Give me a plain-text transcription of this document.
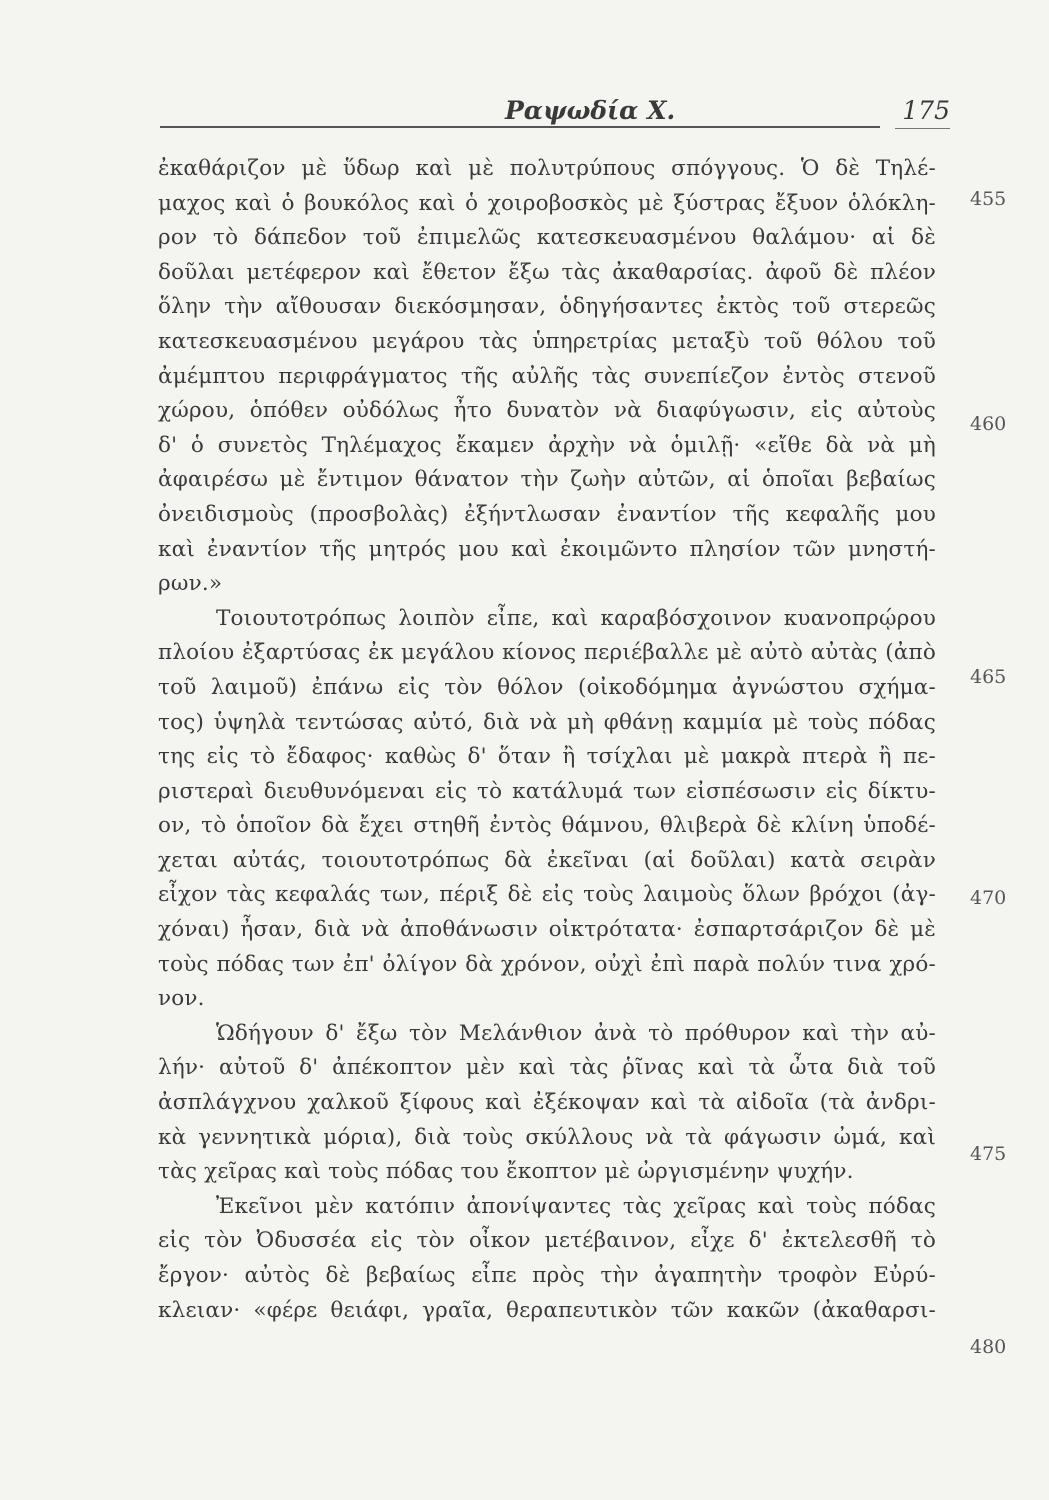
Ραψωδία Χ.	175
ἐκαθάριζον μὲ ὕδωρ καὶ μὲ πολυτρύπους σπόγγους. Ὁ δὲ Τηλέ-
μαχος καὶ ὁ βουκόλος καὶ ὁ χοιροβοσκὸς μὲ ξύστρας ἔξυον ὁλόκλη-
ρον τὸ δάπεδον τοῦ ἐπιμελῶς κατεσκευασμένου θαλάμου· αἱ δὲ
δοῦλαι μετέφερον καὶ ἔθετον ἔξω τὰς ἀκαθαρσίας. ἀφοῦ δὲ πλέον
ὅλην τὴν αἴθουσαν διεκόσμησαν, ὁδηγήσαντες ἐκτὸς τοῦ στερεῶς
κατεσκευασμένου μεγάρου τὰς ὑπηρετρίας μεταξὺ τοῦ θόλου τοῦ
ἀμέμπτου περιφράγματος τῆς αὐλῆς τὰς συνεπίεζον ἐντὸς στενοῦ
χώρου, ὁπόθεν οὐδόλως ἦτο δυνατὸν νὰ διαφύγωσιν, εἰς αὐτοὺς
δ' ὁ συνετὸς Τηλέμαχος ἔκαμεν ἀρχὴν νὰ ὁμιλῇ· «εἴθε δὰ νὰ μὴ
ἀφαιρέσω μὲ ἔντιμον θάνατον τὴν ζωὴν αὐτῶν, αἱ ὁποῖαι βεβαίως
ὀνειδισμοὺς (προσβολὰς) ἐξήντλωσαν ἐναντίον τῆς κεφαλῆς μου
καὶ ἐναντίον τῆς μητρός μου καὶ ἐκοιμῶντο πλησίον τῶν μνηστή-
ρων.»
Τοιουτοτρόπως λοιπὸν εἶπε, καὶ καραβόσχοινον κυανοπρῴρου
πλοίου ἐξαρτύσας ἐκ μεγάλου κίονος περιέβαλλε μὲ αὐτὸ αὐτὰς (ἀπὸ
τοῦ λαιμοῦ) ἐπάνω εἰς τὸν θόλον (οἰκοδόμημα ἀγνώστου σχήμα-
τος) ὑψηλὰ τεντώσας αὐτό, διὰ νὰ μὴ φθάνῃ καμμία μὲ τοὺς πόδας
της εἰς τὸ ἔδαφος· καθὼς δ' ὅταν ἢ τσίχλαι μὲ μακρὰ πτερὰ ἢ πε-
ριστεραὶ διευθυνόμεναι εἰς τὸ κατάλυμά των εἰσπέσωσιν εἰς δίκτυ-
ον, τὸ ὁποῖον δὰ ἔχει στηθῆ ἐντὸς θάμνου, θλιβερὰ δὲ κλίνη ὑποδέ-
χεται αὐτάς, τοιουτοτρόπως δὰ ἐκεῖναι (αἱ δοῦλαι) κατὰ σειρὰν
εἶχον τὰς κεφαλάς των, πέριξ δὲ εἰς τοὺς λαιμοὺς ὅλων βρόχοι (ἀγ-
χόναι) ἦσαν, διὰ νὰ ἀποθάνωσιν οἰκτρότατα· ἐσπαρτσάριζον δὲ μὲ
τοὺς πόδας των ἐπ' ὀλίγον δὰ χρόνον, οὐχὶ ἐπὶ παρὰ πολύν τινα χρό-
νον.
Ὡδήγουν δ' ἔξω τὸν Μελάνθιον ἀνὰ τὸ πρόθυρον καὶ τὴν αὐ-
λήν· αὐτοῦ δ' ἀπέκοπτον μὲν καὶ τὰς ῥῖνας καὶ τὰ ὦτα διὰ τοῦ
ἀσπλάγχνου χαλκοῦ ξίφους καὶ ἐξέκοψαν καὶ τὰ αἰδοῖα (τὰ ἀνδρι-
κὰ γεννητικὰ μόρια), διὰ τοὺς σκύλλους νὰ τὰ φάγωσιν ὠμά, καὶ
τὰς χεῖρας καὶ τοὺς πόδας του ἔκοπτον μὲ ὠργισμένην ψυχήν.
Ἐκεῖνοι μὲν κατόπιν ἀπονίψαντες τὰς χεῖρας καὶ τοὺς πόδας
εἰς τὸν Ὀδυσσέα εἰς τὸν οἶκον μετέβαινον, εἶχε δ' ἐκτελεσθῆ τὸ
ἔργον· αὐτὸς δὲ βεβαίως εἶπε πρὸς τὴν ἀγαπητὴν τροφὸν Εὐρύ-
κλειαν· «φέρε θειάφι, γραῖα, θεραπευτικὸν τῶν κακῶν (ἀκαθαρσι-
455
460
465
470
475
480
